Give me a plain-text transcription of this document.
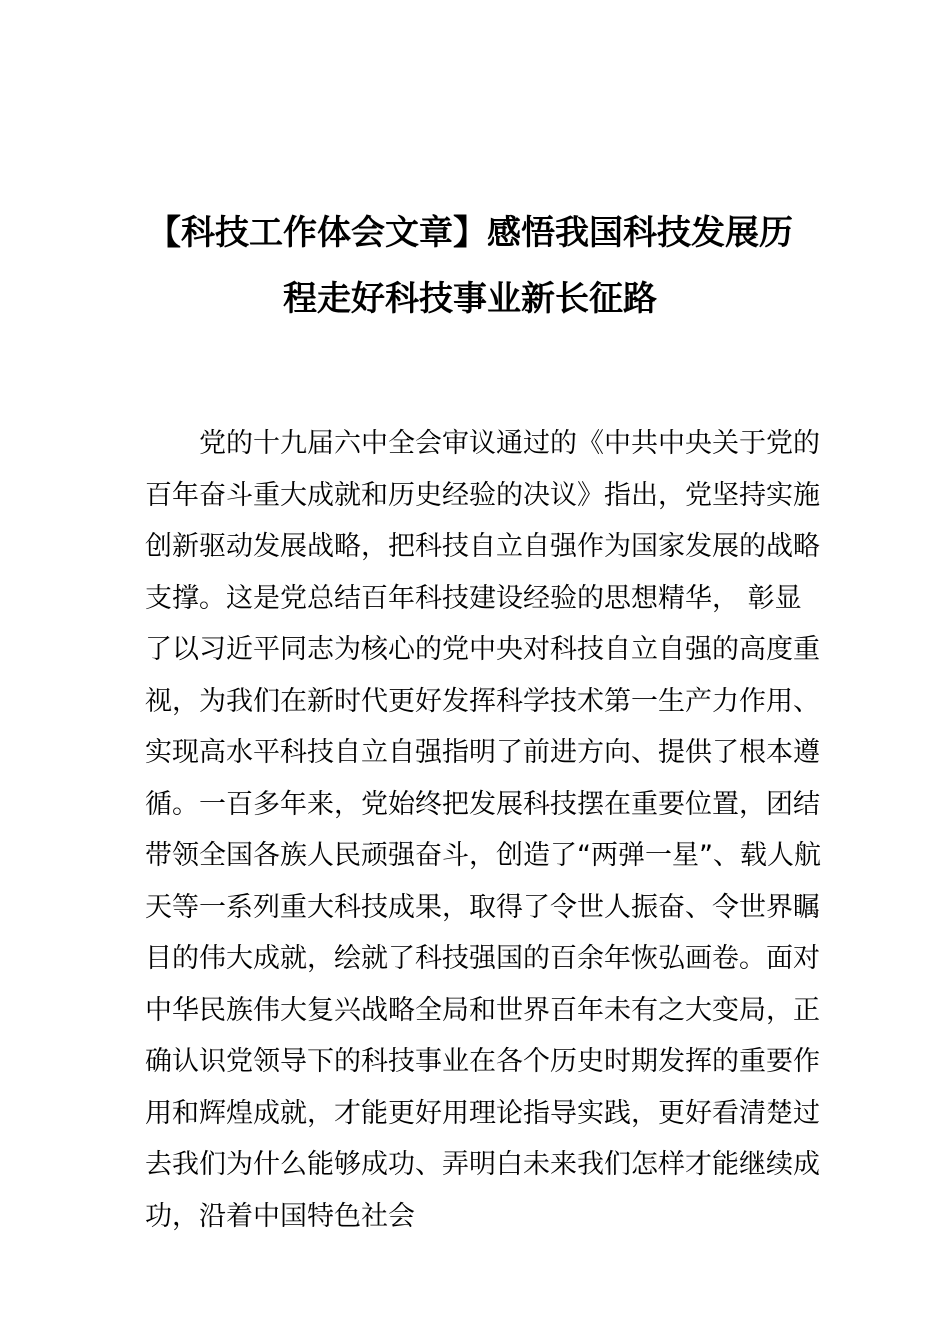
【科技工作体会文章】感悟我国科技发展历
程走好科技事业新长征路
党的十九届六中全会审议通过的《中共中央关于党的
百年奋斗重大成就和历史经验的决议》指出，党坚持实施
创新驱动发展战略，把科技自立自强作为国家发展的战略
支撑。这是党总结百年科技建设经验的思想精华， 彰显
了以习近平同志为核心的党中央对科技自立自强的高度重
视，为我们在新时代更好发挥科学技术第一生产力作用、
实现高水平科技自立自强指明了前进方向、提供了根本遵
循。一百多年来，党始终把发展科技摆在重要位置，团结
带领全国各族人民顽强奋斗，创造了“两弹一星”、载人航
天等一系列重大科技成果，取得了令世人振奋、令世界瞩
目的伟大成就，绘就了科技强国的百余年恢弘画卷。面对
中华民族伟大复兴战略全局和世界百年未有之大变局，正
确认识党领导下的科技事业在各个历史时期发挥的重要作
用和辉煌成就，才能更好用理论指导实践，更好看清楚过
去我们为什么能够成功、弄明白未来我们怎样才能继续成
功，沿着中国特色社会
